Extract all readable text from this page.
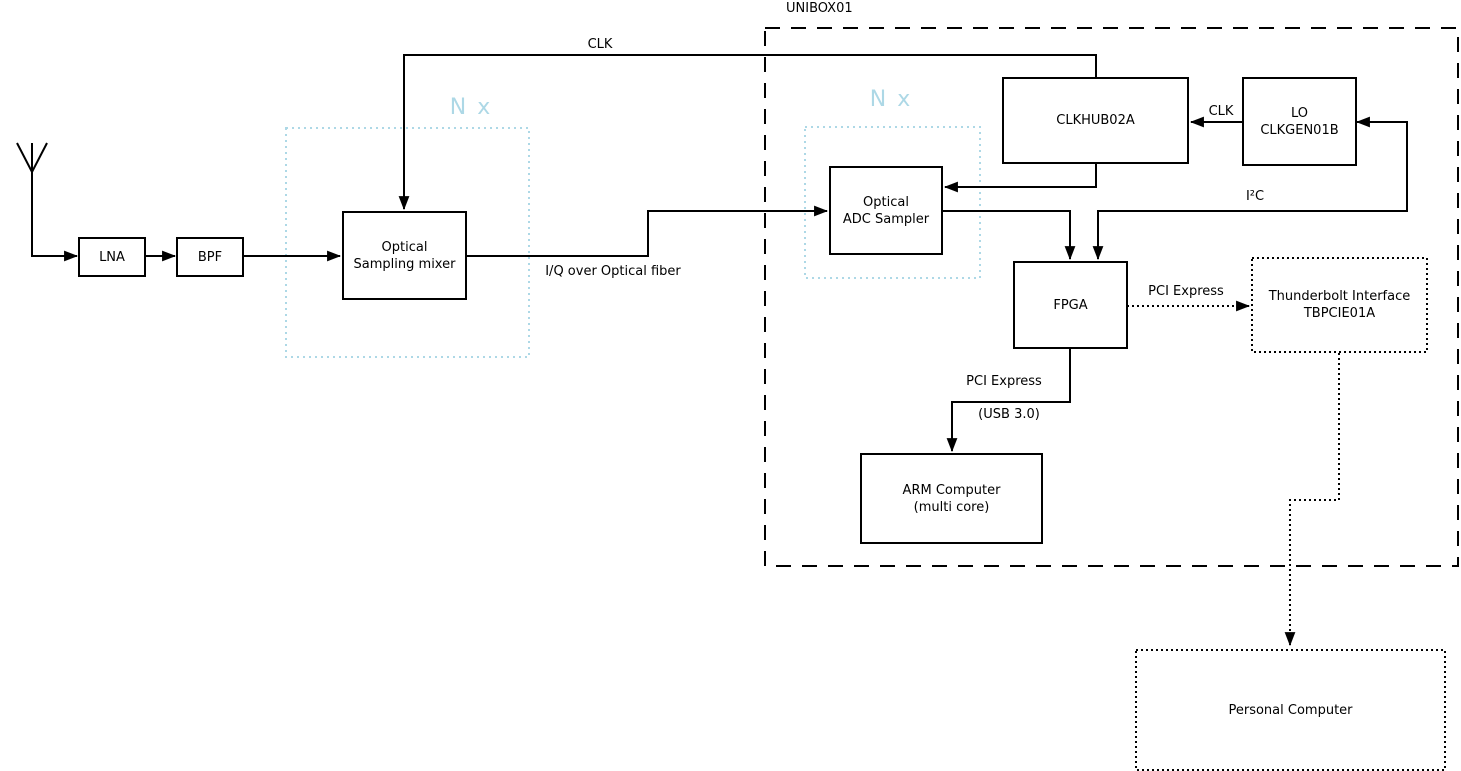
LNA	BPF
Optical
Sampling mixer
Optical
ADC Sampler
CLKHUB02A	LO
CLKGEN01B
FPGA
Thunderbolt Interface
TBPCIE01A
ARM Computer
(multi core)
Personal Computer
UNIBOX01
N x	N x
CLK
CLK
I/Q over Optical fiber
I²C
PCI Express
PCI Express
(USB 3.0)
